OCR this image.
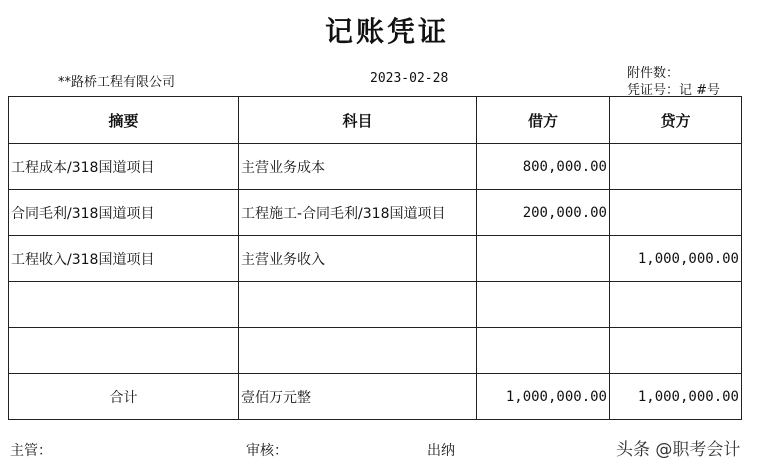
记账凭证
**路桥工程有限公司	2023-02-28	附件数：
凭证号：记 #号
摘要	科目	借方	贷方
工程成本/318国道项目	主营业务成本	800,000.00	
合同毛利/318国道项目	工程施工-合同毛利/318国道项目	200,000.00	
工程收入/318国道项目	主营业务收入		1,000,000.00

合计	壹佰万元整	1,000,000.00	1,000,000.00
主管：	审核：	出纳	头条 @职考会计
